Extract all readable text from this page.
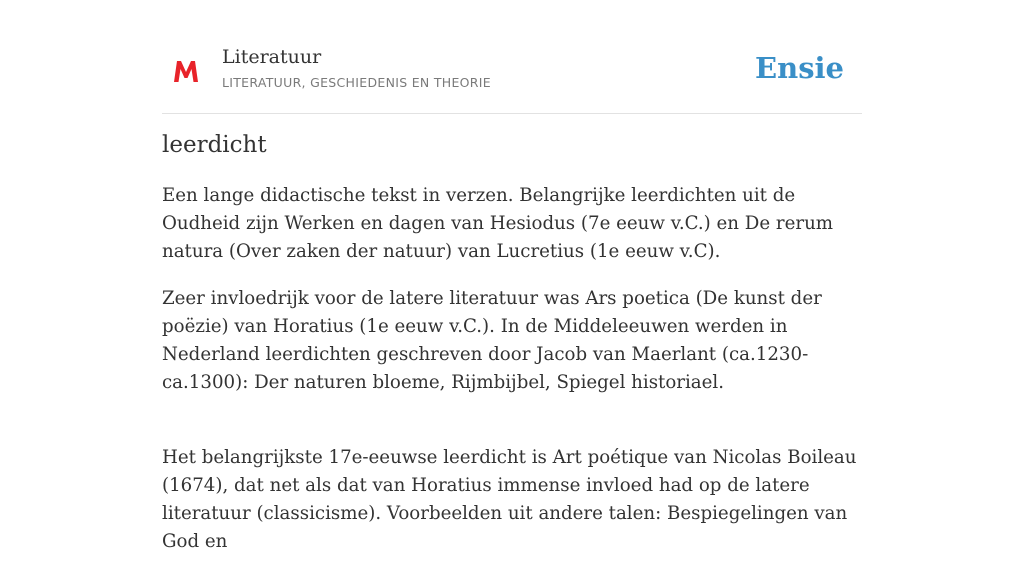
Literatuur
LITERATUUR, GESCHIEDENIS EN THEORIE	Ensie
leerdicht

Een lange didactische tekst in verzen. Belangrijke leerdichten uit de Oudheid zijn Werken en dagen van Hesiodus (7e eeuw v.C.) en De rerum natura (Over zaken der natuur) van Lucretius (1e eeuw v.C).

Zeer invloedrijk voor de latere literatuur was Ars poetica (De kunst der poëzie) van Horatius (1e eeuw v.C.). In de Middeleeuwen werden in Nederland leerdichten geschreven door Jacob van Maerlant (ca.1230-ca.1300): Der naturen bloeme, Rijmbijbel, Spiegel historiael.

Het belangrijkste 17e-eeuwse leerdicht is Art poétique van Nicolas Boileau (1674), dat net als dat van Horatius immense invloed had op de latere literatuur (classicisme). Voorbeelden uit andere talen: Bespiegelingen van God en
